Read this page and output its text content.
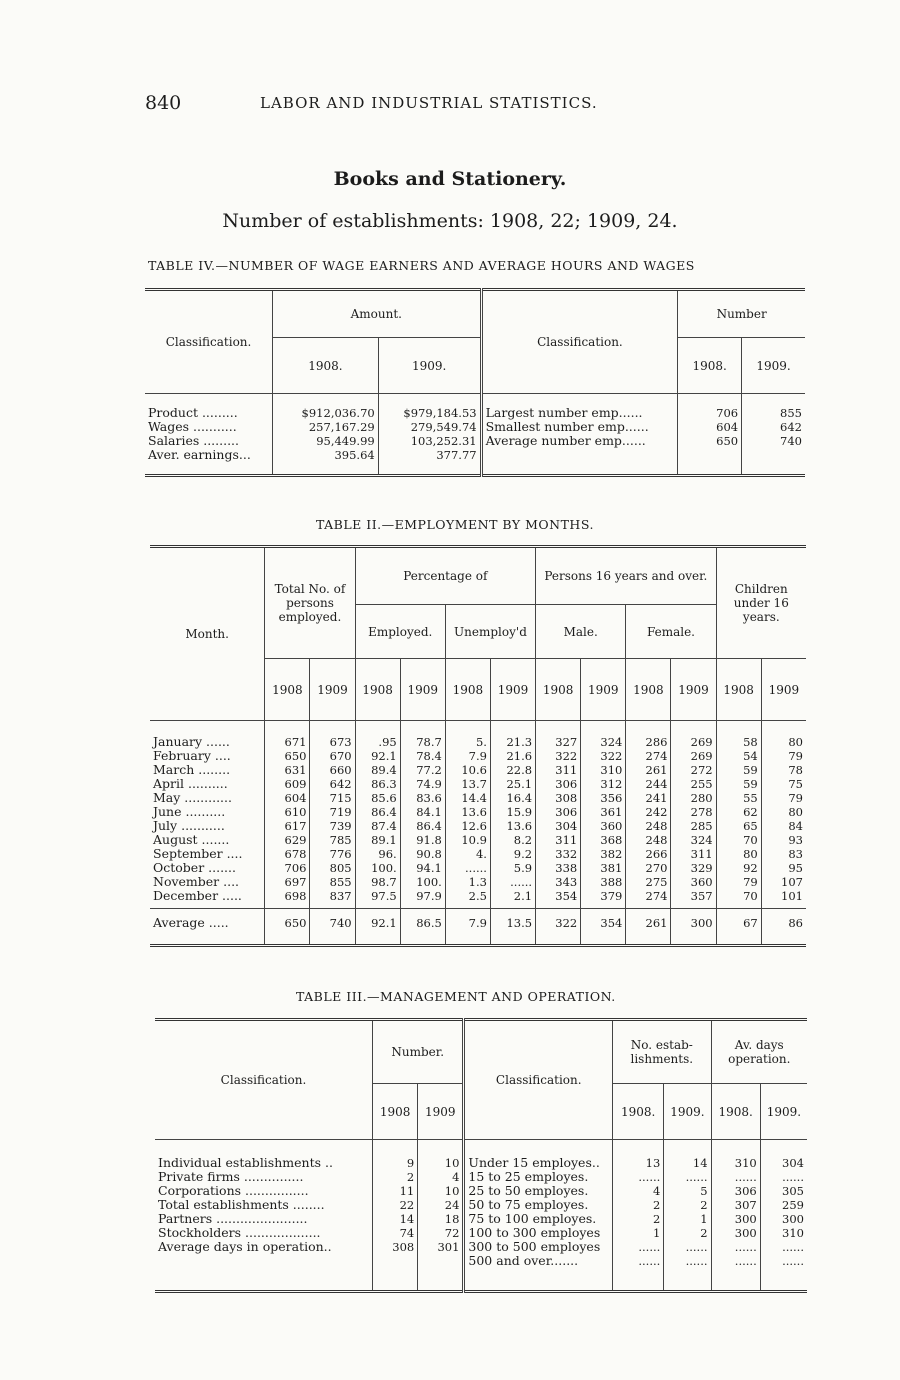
840	LABOR AND INDUSTRIAL STATISTICS.
Books and Stationery.
Number of establishments: 1908, 22; 1909, 24.
TABLE IV.—NUMBER OF WAGE EARNERS AND AVERAGE HOURS AND WAGES
Classification.	Amount.		Classification.	Number	
	1908.	1909.		1908.	1909.

Product .........	$912,036.70	$979,184.53	Largest number emp......	706	855
Wages ...........	257,167.29	279,549.74	Smallest number emp......	604	642
Salaries .........	95,449.99	103,252.31	Average number emp......	650	740
Aver. earnings...	395.64	377.77			

TABLE II.—EMPLOYMENT BY MONTHS.
Month.	Total No. of persons employed.		Percentage of				Persons 16 years and over.				Children under 16 years.	
			Employed.		Unemploy'd		Male.		Female.			
	1908	1909	1908	1909	1908	1909	1908	1909	1908	1909	1908	1909

January ......	671	673	.95	78.7	5.	21.3	327	324	286	269	58	80
February ....	650	670	92.1	78.4	7.9	21.6	322	322	274	269	54	79
March ........	631	660	89.4	77.2	10.6	22.8	311	310	261	272	59	78
April ..........	609	642	86.3	74.9	13.7	25.1	306	312	244	255	59	75
May ............	604	715	85.6	83.6	14.4	16.4	308	356	241	280	55	79
June ..........	610	719	86.4	84.1	13.6	15.9	306	361	242	278	62	80
July ...........	617	739	87.4	86.4	12.6	13.6	304	360	248	285	65	84
August .......	629	785	89.1	91.8	10.9	8.2	311	368	248	324	70	93
September ....	678	776	96.	90.8	4.	9.2	332	382	266	311	80	83
October .......	706	805	100.	94.1	......	5.9	338	381	270	329	92	95
November ....	697	855	98.7	100.	1.3	......	343	388	275	360	79	107
December .....	698	837	97.5	97.9	2.5	2.1	354	379	274	357	70	101

Average .....	650	740	92.1	86.5	7.9	13.5	322	354	261	300	67	86

TABLE III.—MANAGEMENT AND OPERATION.
Classification.	Number.		Classification.	No. estab- lishments.		Av. days operation.	
	1908	1909		1908.	1909.	1908.	1909.

Individual establishments ..	9	10	Under 15 employes..	13	14	310	304
Private firms ...............	2	4	15 to 25 employes.	......	......	......	......
Corporations ................	11	10	25 to 50 employes.	4	5	306	305
Total establishments ........	22	24	50 to 75 employes.	2	2	307	259
Partners .......................	14	18	75 to 100 employes.	2	1	300	300
Stockholders ...................	74	72	100 to 300 employes	1	2	300	310
Average days in operation..	308	301	300 to 500 employes	......	......	......	......
			500 and over.......	......	......	......	......
